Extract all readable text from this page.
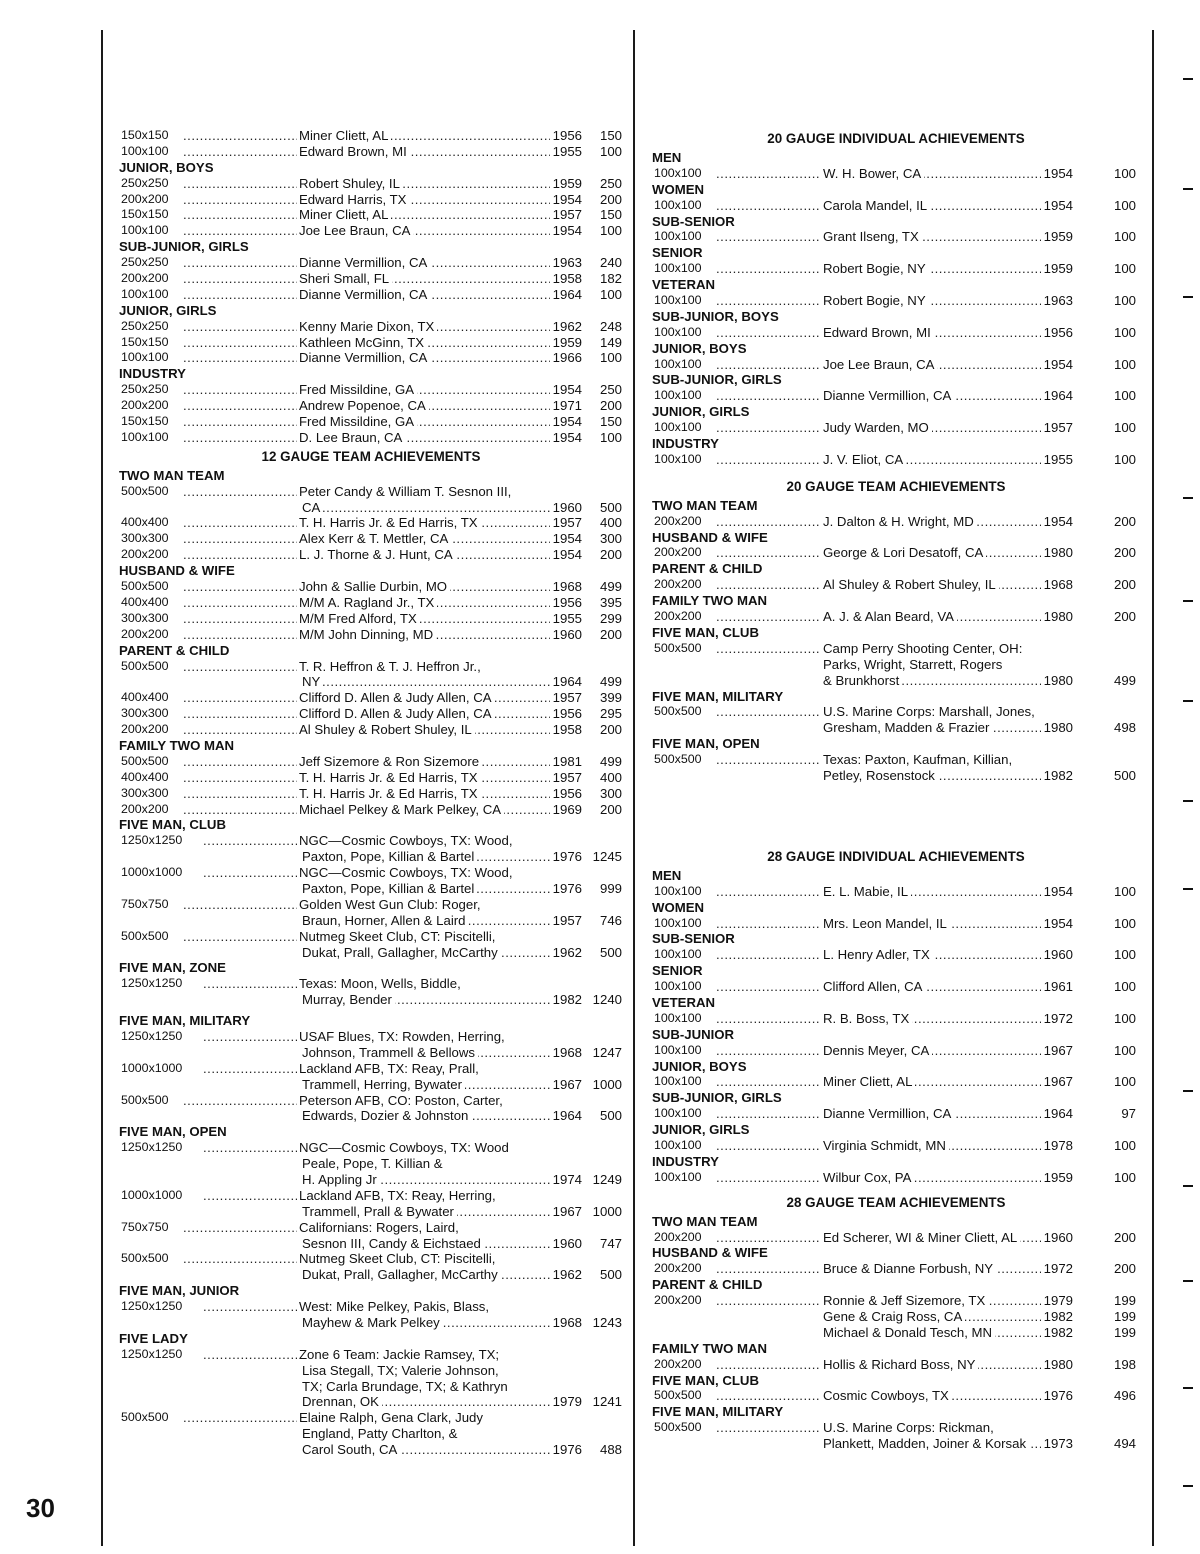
150x150 .....	Miner Cliett, AL .....	1956	150
100x100 .....	Edward Brown, MI .....	1955	100
JUNIOR, BOYS
250x250 .....	Robert Shuley, IL .....	1959	250
200x200 .....	Edward Harris, TX .....	1954	200
150x150 .....	Miner Cliett, AL .....	1957	150
100x100 .....	Joe Lee Braun, CA .....	1954	100
SUB-JUNIOR, GIRLS
250x250 .....	Dianne Vermillion, CA .....	1963	240
200x200 .....	Sheri Small, FL .....	1958	182
100x100 .....	Dianne Vermillion, CA .....	1964	100
JUNIOR, GIRLS
250x250 .....	Kenny Marie Dixon, TX .....	1962	248
150x150 .....	Kathleen McGinn, TX .....	1959	149
100x100 .....	Dianne Vermillion, CA .....	1966	100
INDUSTRY
250x250 .....	Fred Missildine, GA .....	1954	250
200x200 .....	Andrew Popenoe, CA .....	1971	200
150x150 .....	Fred Missildine, GA .....	1954	150
100x100 .....	D. Lee Braun, CA .....	1954	100
12 GAUGE TEAM ACHIEVEMENTS
TWO MAN TEAM
500x500 .....	Peter Candy & William T. Sesnon III,
CA .....	1960	500
400x400 .....	T. H. Harris Jr. & Ed Harris, TX .....	1957	400
300x300 .....	Alex Kerr & T. Mettler, CA .....	1954	300
200x200 .....	L. J. Thorne & J. Hunt, CA .....	1954	200
HUSBAND & WIFE
500x500 .....	John & Sallie Durbin, MO .....	1968	499
400x400 .....	M/M A. Ragland Jr., TX .....	1956	395
300x300 .....	M/M Fred Alford, TX .....	1955	299
200x200 .....	M/M John Dinning, MD .....	1960	200
PARENT & CHILD
500x500 .....	T. R. Heffron & T. J. Heffron Jr.,
NY .....	1964	499
400x400 .....	Clifford D. Allen & Judy Allen, CA .....	1957	399
300x300 .....	Clifford D. Allen & Judy Allen, CA .....	1956	295
200x200 .....	Al Shuley & Robert Shuley, IL .....	1958	200
FAMILY TWO MAN
500x500 .....	Jeff Sizemore & Ron Sizemore .....	1981	499
400x400 .....	T. H. Harris Jr. & Ed Harris, TX .....	1957	400
300x300 .....	T. H. Harris Jr. & Ed Harris, TX .....	1956	300
200x200 .....	Michael Pelkey & Mark Pelkey, CA .....	1969	200
FIVE MAN, CLUB
1250x1250 .....	NGC—Cosmic Cowboys, TX: Wood,
Paxton, Pope, Killian & Bartel .....	1976 1245
1000x1000 .....	NGC—Cosmic Cowboys, TX: Wood,
Paxton, Pope, Killian & Bartel .....	1976	999
750x750 .....	Golden West Gun Club: Roger,
Braun, Horner, Allen & Laird .....	1957	746
500x500 .....	Nutmeg Skeet Club, CT: Piscitelli,
Dukat, Prall, Gallagher, McCarthy .....	1962	500
FIVE MAN, ZONE
1250x1250 .....	Texas: Moon, Wells, Biddle,
Murray, Bender .....	1982 1240
FIVE MAN, MILITARY
1250x1250 .....	USAF Blues, TX: Rowden, Herring,
Johnson, Trammell & Bellows .....	1968 1247
1000x1000 .....	Lackland AFB, TX: Reay, Prall,
Trammell, Herring, Bywater .....	1967 1000
500x500 .....	Peterson AFB, CO: Poston, Carter,
Edwards, Dozier & Johnston .....	1964	500
FIVE MAN, OPEN
1250x1250 .....	NGC—Cosmic Cowboys, TX: Wood
Peale, Pope, T. Killian &
H. Appling Jr .....	1974 1249
1000x1000 .....	Lackland AFB, TX: Reay, Herring,
Trammell, Prall & Bywater .....	1967 1000
750x750 .....	Californians: Rogers, Laird,
Sesnon III, Candy & Eichstaed .....	1960	747
500x500 .....	Nutmeg Skeet Club, CT: Piscitelli,
Dukat, Prall, Gallagher, McCarthy .....	1962	500
FIVE MAN, JUNIOR
1250x1250 .....	West: Mike Pelkey, Pakis, Blass,
Mayhew & Mark Pelkey .....	1968 1243
FIVE LADY
1250x1250 .....	Zone 6 Team: Jackie Ramsey, TX;
Lisa Stegall, TX; Valerie Johnson,
TX; Carla Brundage, TX; & Kathryn
Drennan, OK .....	1979 1241
500x500 .....	Elaine Ralph, Gena Clark, Judy
England, Patty Charlton, &
Carol South, CA .....	1976	488
20 GAUGE INDIVIDUAL ACHIEVEMENTS
MEN
100x100 .....	W. H. Bower, CA .....	1954	100
WOMEN
100x100 .....	Carola Mandel, IL .....	1954	100
SUB-SENIOR
100x100 .....	Grant Ilseng, TX .....	1959	100
SENIOR
100x100 .....	Robert Bogie, NY .....	1959	100
VETERAN
100x100 .....	Robert Bogie, NY .....	1963	100
SUB-JUNIOR, BOYS
100x100 .....	Edward Brown, MI .....	1956	100
JUNIOR, BOYS
100x100 .....	Joe Lee Braun, CA .....	1954	100
SUB-JUNIOR, GIRLS
100x100 .....	Dianne Vermillion, CA .....	1964	100
JUNIOR, GIRLS
100x100 .....	Judy Warden, MO .....	1957	100
INDUSTRY
100x100 .....	J. V. Eliot, CA .....	1955	100
20 GAUGE TEAM ACHIEVEMENTS
TWO MAN TEAM
200x200 .....	J. Dalton & H. Wright, MD .....	1954	200
HUSBAND & WIFE
200x200 .....	George & Lori Desatoff, CA .....	1980	200
PARENT & CHILD
200x200 .....	Al Shuley & Robert Shuley, IL .....	1968	200
FAMILY TWO MAN
200x200 .....	A. J. & Alan Beard, VA .....	1980	200
FIVE MAN, CLUB
500x500 .....	Camp Perry Shooting Center, OH:
Parks, Wright, Starrett, Rogers
& Brunkhorst .....	1980	499
FIVE MAN, MILITARY
500x500 .....	U.S. Marine Corps: Marshall, Jones,
Gresham, Madden & Frazier .....	1980	498
FIVE MAN, OPEN
500x500 .....	Texas: Paxton, Kaufman, Killian,
Petley, Rosenstock .....	1982	500
28 GAUGE INDIVIDUAL ACHIEVEMENTS
MEN
100x100 .....	E. L. Mabie, IL .....	1954	100
WOMEN
100x100 .....	Mrs. Leon Mandel, IL .....	1954	100
SUB-SENIOR
100x100 .....	L. Henry Adler, TX .....	1960	100
SENIOR
100x100 .....	Clifford Allen, CA .....	1961	100
VETERAN
100x100 .....	R. B. Boss, TX .....	1972	100
SUB-JUNIOR
100x100 .....	Dennis Meyer, CA .....	1967	100
JUNIOR, BOYS
100x100 .....	Miner Cliett, AL .....	1967	100
SUB-JUNIOR, GIRLS
100x100 .....	Dianne Vermillion, CA .....	1964	97
JUNIOR, GIRLS
100x100 .....	Virginia Schmidt, MN .....	1978	100
INDUSTRY
100x100 .....	Wilbur Cox, PA .....	1959	100
28 GAUGE TEAM ACHIEVEMENTS
TWO MAN TEAM
200x200 .....	Ed Scherer, WI & Miner Cliett, AL ..... 1960	200
HUSBAND & WIFE
200x200 .....	Bruce & Dianne Forbush, NY .....	1972	200
PARENT & CHILD
200x200 .....	Ronnie & Jeff Sizemore, TX .....	1979	199
Gene & Craig Ross, CA .....	1982	199
Michael & Donald Tesch, MN .....	1982	199
FAMILY TWO MAN
200x200 .....	Hollis & Richard Boss, NY .....	1980	198
FIVE MAN, CLUB
500x500 .....	Cosmic Cowboys, TX .....	1976	496
FIVE MAN, MILITARY
500x500 .....	U.S. Marine Corps: Rickman,
Plankett, Madden, Joiner & Korsak ..... 1973	494
30
